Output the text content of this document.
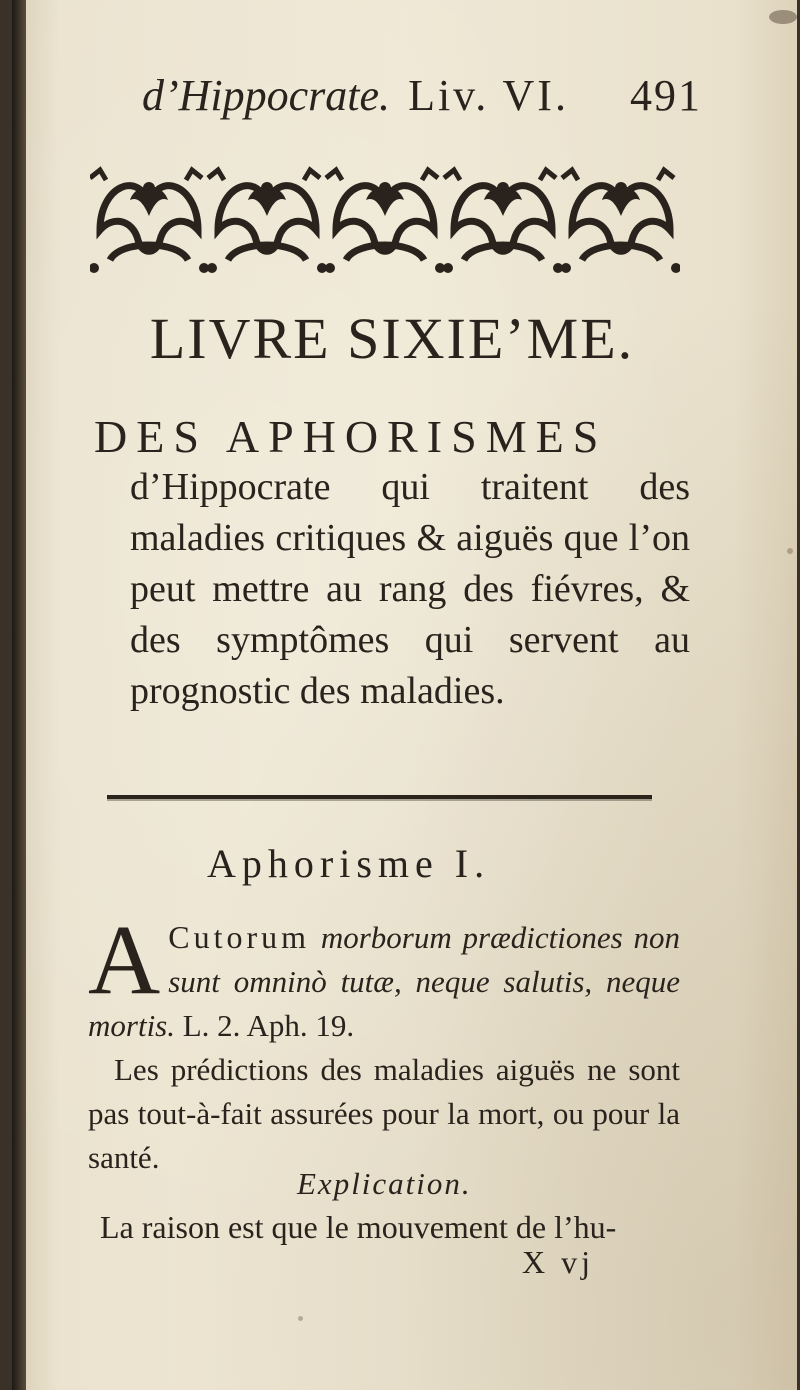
d’Hippocrate. Liv. VI. 491
LIVRE SIXIE’ME.
DES APHORISMES
d’Hippocrate qui traitent des maladies critiques & aiguës que l’on peut mettre au rang des fiévres, & des symptômes qui servent au prognostic des maladies.
Aphorisme I.
A Cutorum morborum prædictiones non sunt omninò tutæ, neque salutis, neque mortis. L. 2. Aph. 19.
Les prédictions des maladies aiguës ne sont pas tout-à-fait assurées pour la mort, ou pour la santé.
Explication.
La raison est que le mouvement de l’hu-
X vj
